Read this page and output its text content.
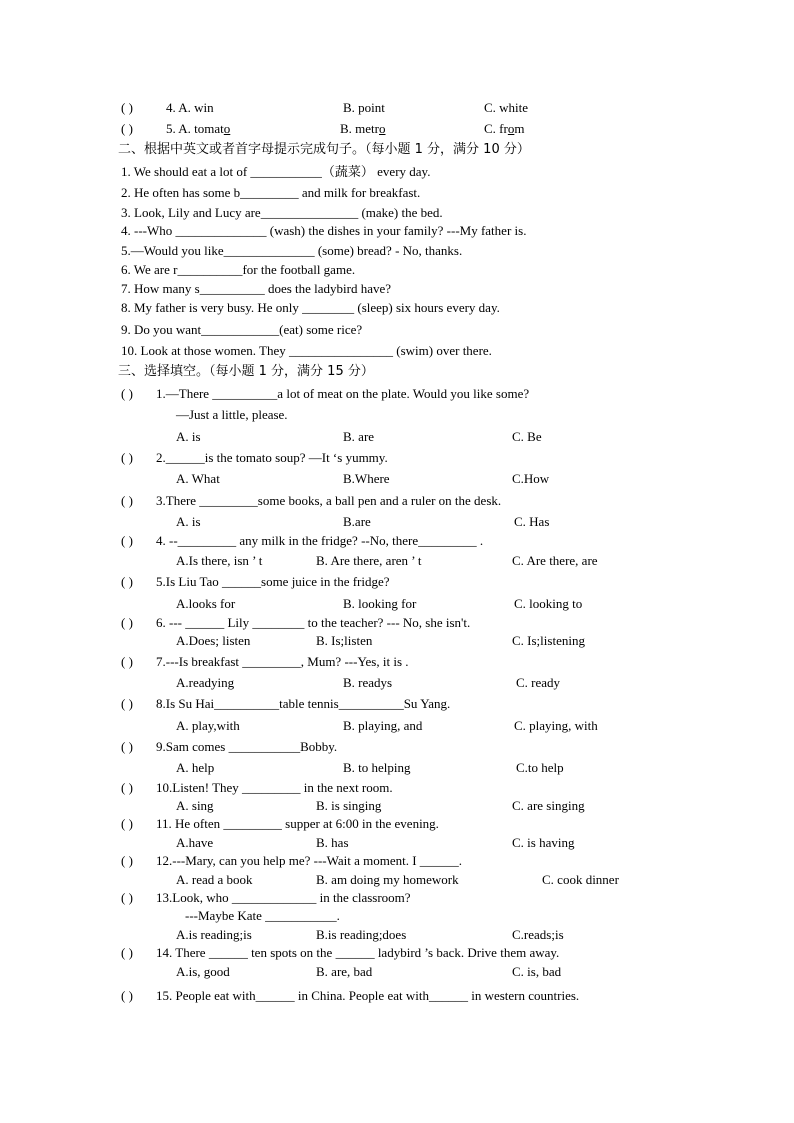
( )	4. A. win	B. point	C. white
( )	5. A. tomato	B. metro	C. from
二、根据中英文或者首字母提示完成句子。（每小题 1 分，满分 10 分）
1. We should eat a lot of ___________（蔬菜） every day.
2. He often has some b_________ and milk for breakfast.
3. Look, Lily and Lucy are_______________ (make) the bed.
4. ---Who ______________ (wash) the dishes in your family? ---My father is.
5.—Would you like______________ (some) bread? - No, thanks.
6. We are r__________for the football game.
7. How many s__________ does the ladybird have?
8. My father is very busy. He only ________ (sleep) six hours every day.
9. Do you want____________(eat) some rice?
10. Look at those women. They ________________ (swim) over there.
三、选择填空。（每小题 1 分，满分 15 分）
( ) 1.—There __________a lot of meat on the plate. Would you like some?
—Just a little, please.
A. is	B. are	C. Be
( ) 2.______is the tomato soup? —It ‘s yummy.
A. What	B.Where	C.How
( ) 3.There _________some books, a ball pen and a ruler on the desk.
A. is	B.are	C. Has
( ) 4. --_________ any milk in the fridge? --No, there_________ .
A.Is there, isn ’ t	B. Are there, aren ’ t	C. Are there, are
( ) 5.Is Liu Tao ______some juice in the fridge?
A.looks for	B. looking for	C. looking to
( ) 6. --- ______ Lily ________ to the teacher? --- No, she isn't.
A.Does; listen	B. Is;listen	C. Is;listening
( ) 7.---Is breakfast _________, Mum? ---Yes, it is .
A.readying	B. readys	C. ready
( ) 8.Is Su Hai__________table tennis__________Su Yang.
A. play,with	B. playing, and	C. playing, with
( ) 9.Sam comes ___________Bobby.
A. help	B. to helping	C.to help
( ) 10.Listen! They _________ in the next room.
A. sing	B. is singing	C. are singing
( ) 11. He often _________ supper at 6:00 in the evening.
A.have	B. has	C. is having
( ) 12.---Mary, can you help me? ---Wait a moment. I ______.
A. read a book	B. am doing my homework	C. cook dinner
( ) 13.Look, who _____________ in the classroom?
---Maybe Kate ___________.
A.is reading;is	B.is reading;does	C.reads;is
( ) 14. There ______ ten spots on the ______ ladybird ’s back. Drive them away.
A.is, good	B. are, bad	C. is, bad
( ) 15. People eat with______ in China. People eat with______ in western countries.
